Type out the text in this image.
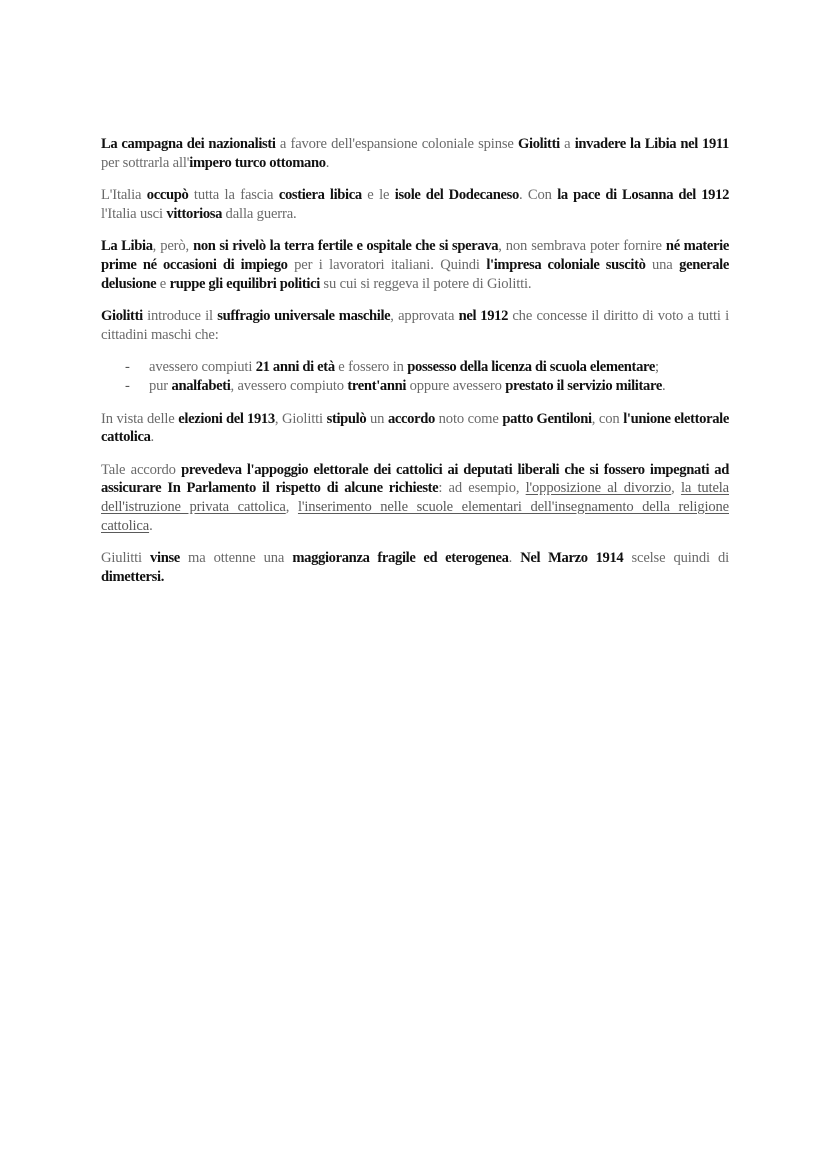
La campagna dei nazionalisti a favore dell'espansione coloniale spinse Giolitti a invadere la Libia nel 1911 per sottrarla all'impero turco ottomano.

L'Italia occupò tutta la fascia costiera libica e le isole del Dodecaneso. Con la pace di Losanna del 1912 l'Italia usci vittoriosa dalla guerra.

La Libia, però, non si rivelò la terra fertile e ospitale che si sperava, non sembrava poter fornire né materie prime né occasioni di impiego per i lavoratori italiani. Quindi l'impresa coloniale suscitò una generale delusione e ruppe gli equilibri politici su cui si reggeva il potere di Giolitti.

Giolitti introduce il suffragio universale maschile, approvata nel 1912 che concesse il diritto di voto a tutti i cittadini maschi che:

- avessero compiuti 21 anni di età e fossero in possesso della licenza di scuola elementare;
- pur analfabeti, avessero compiuto trent'anni oppure avessero prestato il servizio militare.

In vista delle elezioni del 1913, Giolitti stipulò un accordo noto come patto Gentiloni, con l'unione elettorale cattolica.

Tale accordo prevedeva l'appoggio elettorale dei cattolici ai deputati liberali che si fossero impegnati ad assicurare In Parlamento il rispetto di alcune richieste: ad esempio, l'opposizione al divorzio, la tutela dell'istruzione privata cattolica, l'inserimento nelle scuole elementari dell'insegnamento della religione cattolica.

Giulitti vinse ma ottenne una maggioranza fragile ed eterogenea. Nel Marzo 1914 scelse quindi di dimettersi.
